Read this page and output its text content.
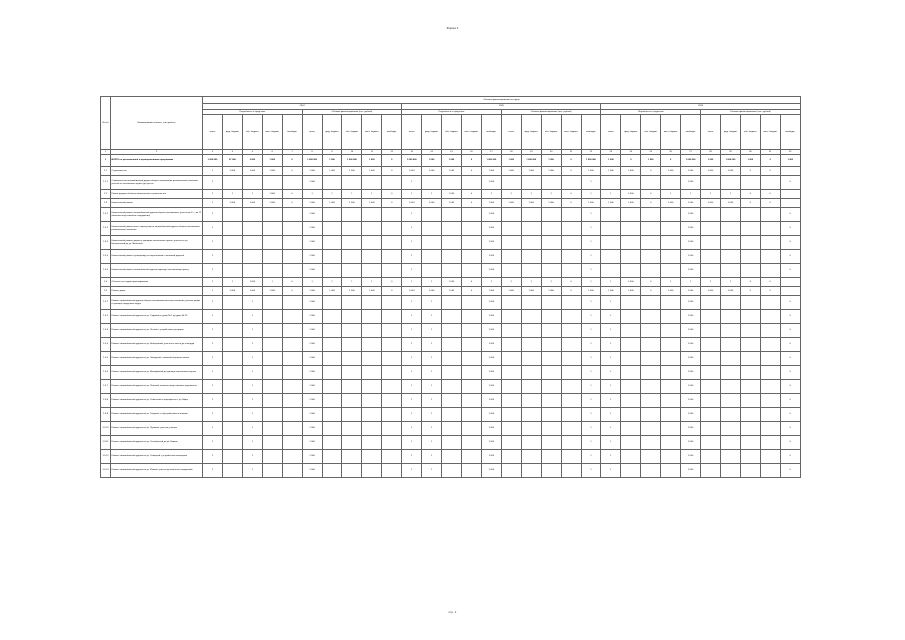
Форма 4
№ п/п	Наименование объекта, этап работы	Объемы финансирования по годам																													
		2024										2025										2026									
		Потребность в средствах					Объемы финансирования (тыс. рублей)					Потребность в средствах					Объемы финансирования (тыс. рублей)					Потребность в средствах					Объемы финансирования (тыс. рублей)				
		всего	фед. бюджет	обл. бюджет	мест. бюджет	внебюдж.	всего	фед. бюджет	обл. бюджет	мест. бюджет	внебюдж.	всего	фед. бюджет	обл. бюджет	мест. бюджет	внебюдж.	всего	фед. бюджет	обл. бюджет	мест. бюджет	внебюдж.	всего	фед. бюджет	обл. бюджет	мест. бюджет	внебюдж.	всего	фед. бюджет	обл. бюджет	мест. бюджет	внебюдж.
1	2	3	4	5	6	7	8	9	10	11	12	13	14	15	16	17	18	19	20	21	22	23	24	25	26	27	28	29	30	31	32
1	ВСЕГО по региональной и муниципальным программам	1 000 000	57 000	3 000	1 000	0	1 000 000	1 000	1 000 000	1 000	0	1 000 000	1 000	1 000	0	1 000 000	1 000	1 000 000	1 000	0	1 000 000	1 000	0	1 000	0	1 000 000	1 000	1 000 000	1 000	0	1 000
1.1	Строительство	1	1 000	1 000	1 000	0	1 000	1 000	1 000	1 000	0	1 000	1 000	1 000	0	1 000	1 000	1 000	1 000	0	1 000	1 000	1 000	0	1 000	1 000	1 000	1 000	0	0	
1.1.1	Строительство автомобильной дороги общего пользования регионального значения, участок от населённого пункта до трассы	1					1 000					1				1 000					1					1 000					0
1.2	Реконструкция объектов капитального строительства	1	1	1	1 000	0	1	1	1	1	0	1	1	1 000	0	1	1	1	1	0	1	1	1 000	0	1	1	1	1	0	0	
1.3	Капитальный ремонт	1	1 000	1 000	1 000	0	1 000	1 000	1 000	1 000	0	1 000	1 000	1 000	0	1 000	1 000	1 000	1 000	0	1 000	1 000	1 000	0	1 000	1 000	1 000	1 000	0	0	
1.3.1	Капитальный ремонт автомобильной дороги общего пользования, участок км 0 — км 12 (включая искусственные сооружения)	1					1 000					1				1 000					1					1 000					0
1.3.2	Капитальный ремонт моста через реку на автомобильной дороге общего пользования регионального значения	1					1 000					1				1 000					1					1 000					0
1.3.3	Капитальный ремонт дороги в границах населённого пункта, участок от ул. Центральной до ул. Школьной	1					1 000					1				1 000					1					1 000					0
1.3.4	Капитальный ремонт путепровода на пересечении с железной дорогой	1					1 000					1				1 000					1					1 000					0
1.3.5	Капитальный ремонт автомобильной дороги подъезд к населённому пункту	1					1 000					1				1 000					1					1 000					0
1.4	Объекты на стадии проектирования	1	1	1 000	1	0	1	1	1	1	0	1	1	1 000	0	1	1	1	1	0	1	1	1 000	0	1	1	1	1	0	0	
1.5	Ремонт дорог	1	1 000	1 000	1 000	0	1 000	1 000	1 000	1 000	0	1 000	1 000	1 000	0	1 000	1 000	1 000	1 000	0	1 000	1 000	1 000	0	1 000	1 000	1 000	1 000	0	0	
1.5.1	Ремонт автомобильной дороги общего пользования местного значения, участок улицы в границах городского округа	1		1			1 000					1	1			1 000					1	1				1 000					0
1.5.2	Ремонт автомобильной дороги по ул. Садовой от дома № 1 до дома № 25	1		1			1 000					1	1			1 000					1	1				1 000					0
1.5.3	Ремонт автомобильной дороги по ул. Лесной с устройством тротуаров	1		1			1 000					1	1			1 000					1	1				1 000					0
1.5.4	Ремонт автомобильной дороги по ул. Набережной, участок от моста до площади	1		1			1 000					1	1			1 000					1	1				1 000					0
1.5.5	Ремонт автомобильной дороги по ул. Заводской с заменой бортового камня	1		1			1 000					1	1			1 000					1	1				1 000					0
1.5.6	Ремонт автомобильной дороги по ул. Молодёжной до границы населённого пункта	1		1			1 000					1	1			1 000					1	1				1 000					0
1.5.7	Ремонт автомобильной дороги по ул. Полевой, включая искусственные неровности	1		1			1 000					1	1			1 000					1	1				1 000					0
1.5.8	Ремонт автомобильной дороги по ул. Советской от перекрёстка с ул. Мира	1		1			1 000					1	1			1 000					1	1				1 000					0
1.5.9	Ремонт автомобильной дороги по ул. Гагарина с обустройством остановок	1		1			1 000					1	1			1 000					1	1				1 000					0
1.5.10	Ремонт автомобильной дороги по ул. Пушкина, участок у школы	1		1			1 000					1	1			1 000					1	1				1 000					0
1.5.11	Ремонт автомобильной дороги по ул. Октябрьской до ул. Кирова	1		1			1 000					1	1			1 000					1	1				1 000					0
1.5.12	Ремонт автомобильной дороги по ул. Северной с устройством освещения	1		1			1 000					1	1			1 000					1	1				1 000					0
1.5.13	Ремонт автомобильной дороги по ул. Южной, участок до очистных сооружений	1		1			1 000					1	1			1 000					1	1				1 000					0
стр. 1
